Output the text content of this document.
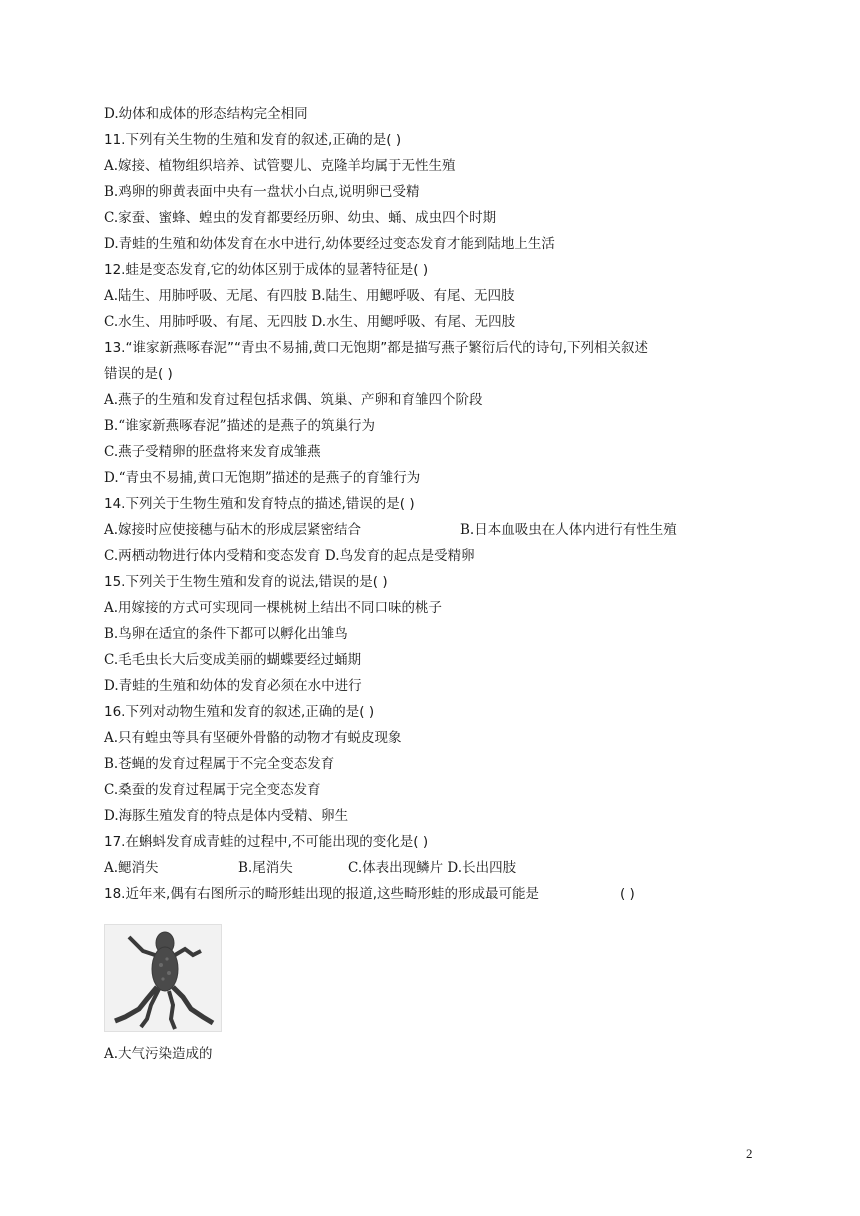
D.幼体和成体的形态结构完全相同
11.下列有关生物的生殖和发育的叙述,正确的是( )
A.嫁接、植物组织培养、试管婴儿、克隆羊均属于无性生殖
B.鸡卵的卵黄表面中央有一盘状小白点,说明卵已受精
C.家蚕、蜜蜂、蝗虫的发育都要经历卵、幼虫、蛹、成虫四个时期
D.青蛙的生殖和幼体发育在水中进行,幼体要经过变态发育才能到陆地上生活
12.蛙是变态发育,它的幼体区别于成体的显著特征是( )
A.陆生、用肺呼吸、无尾、有四肢 B.陆生、用鳃呼吸、有尾、无四肢
C.水生、用肺呼吸、有尾、无四肢 D.水生、用鳃呼吸、有尾、无四肢
13.“谁家新燕啄春泥”“青虫不易捕,黄口无饱期”都是描写燕子繁衍后代的诗句,下列相关叙述
错误的是( )
A.燕子的生殖和发育过程包括求偶、筑巢、产卵和育雏四个阶段
B.“谁家新燕啄春泥”描述的是燕子的筑巢行为
C.燕子受精卵的胚盘将来发育成雏燕
D.“青虫不易捕,黄口无饱期”描述的是燕子的育雏行为
14.下列关于生物生殖和发育特点的描述,错误的是( )
A.嫁接时应使接穗与砧木的形成层紧密结合	B.日本血吸虫在人体内进行有性生殖
C.两栖动物进行体内受精和变态发育 D.鸟发育的起点是受精卵
15.下列关于生物生殖和发育的说法,错误的是( )
A.用嫁接的方式可实现同一棵桃树上结出不同口味的桃子
B.鸟卵在适宜的条件下都可以孵化出雏鸟
C.毛毛虫长大后变成美丽的蝴蝶要经过蛹期
D.青蛙的生殖和幼体的发育必须在水中进行
16.下列对动物生殖和发育的叙述,正确的是( )
A.只有蝗虫等具有坚硬外骨骼的动物才有蜕皮现象
B.苍蝇的发育过程属于不完全变态发育
C.桑蚕的发育过程属于完全变态发育
D.海豚生殖发育的特点是体内受精、卵生
17.在蝌蚪发育成青蛙的过程中,不可能出现的变化是( )
A.鳃消失	B.尾消失	C.体表出现鳞片 D.长出四肢
18.近年来,偶有右图所示的畸形蛙出现的报道,这些畸形蛙的形成最可能是	( )
A.大气污染造成的
2
